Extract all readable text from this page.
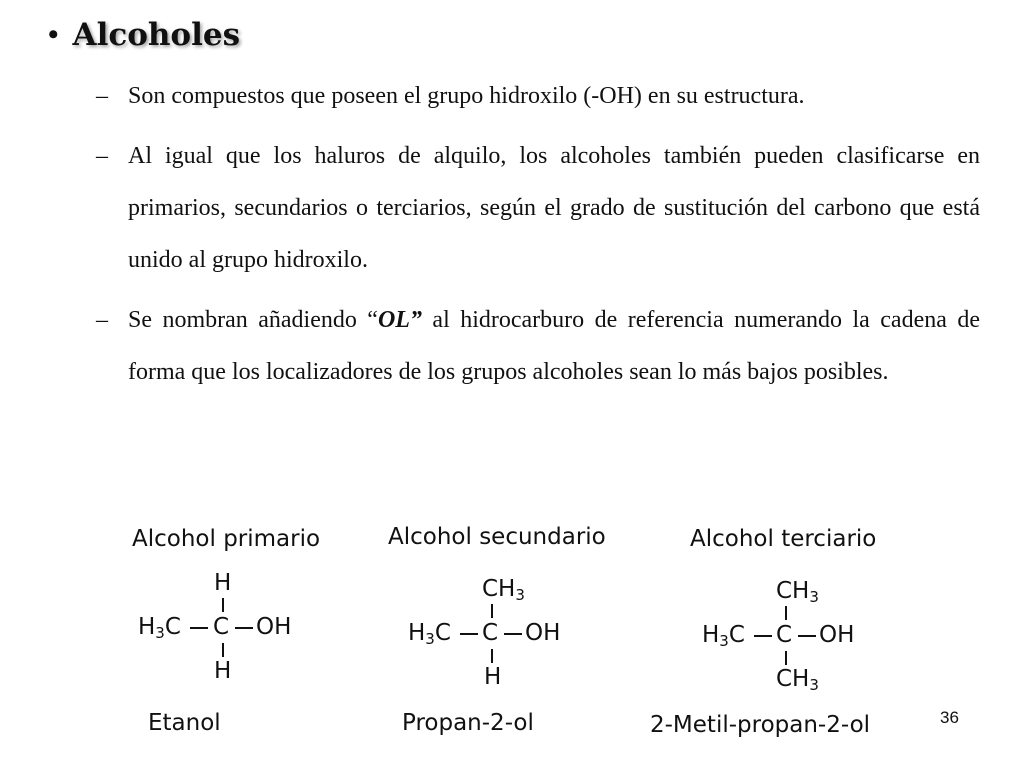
• Alcoholes
– Son compuestos que poseen el grupo hidroxilo (-OH) en su estructura.
– Al igual que los haluros de alquilo, los alcoholes también pueden clasificarse en primarios, secundarios o terciarios, según el grado de sustitución del carbono que está unido al grupo hidroxilo.
– Se nombran añadiendo “OL” al hidrocarburo de referencia numerando la cadena de forma que los localizadores de los grupos alcoholes sean lo más bajos posibles.
Alcohol primario
H
$H_3C$ C OH
H
Etanol
Alcohol secundario
$CH_3$
$H_3C$ C OH
H
Propan-2-ol
Alcohol terciario
$CH_3$
$H_3C$ C OH
$CH_3$
2-Metil-propan-2-ol	36
